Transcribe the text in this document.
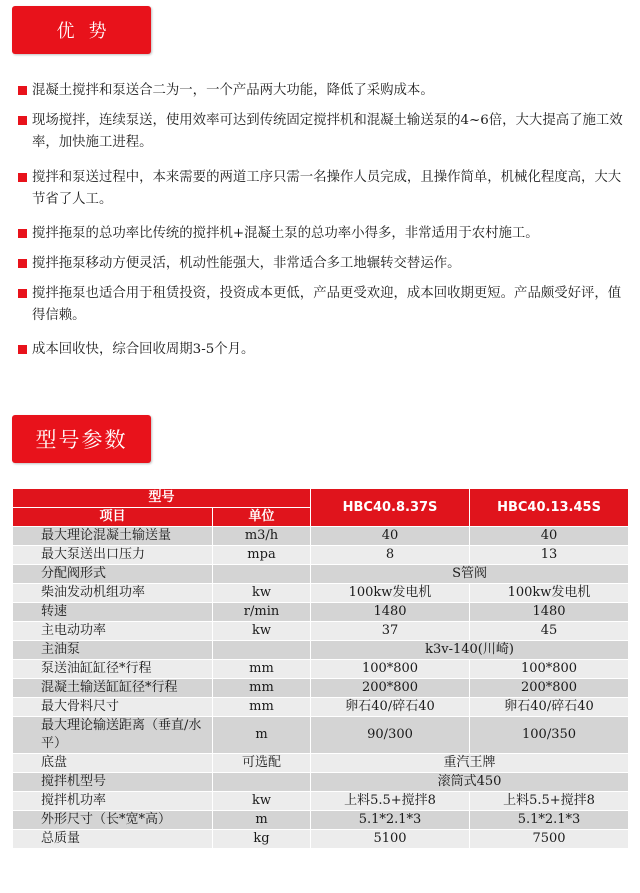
优势
混凝土搅拌和泵送合二为一，一个产品两大功能，降低了采购成本。
现场搅拌，连续泵送，使用效率可达到传统固定搅拌机和混凝土输送泵的4~6倍，大大提高了施工效率，加快施工进程。
搅拌和泵送过程中，本来需要的两道工序只需一名操作人员完成，且操作简单，机械化程度高，大大节省了人工。
搅拌拖泵的总功率比传统的搅拌机+混凝土泵的总功率小得多，非常适用于农村施工。
搅拌拖泵移动方便灵活，机动性能强大，非常适合多工地辗转交替运作。
搅拌拖泵也适合用于租赁投资，投资成本更低，产品更受欢迎，成本回收期更短。产品颇受好评，值得信赖。
成本回收快，综合回收周期3-5个月。
型号参数
型号		HBC40.8.37S	HBC40.13.45S
项目	单位		
最大理论混凝土输送量	m3/h	40	40
最大泵送出口压力	mpa	8	13
分配阀形式		S管阀	
柴油发动机组功率	kw	100kw发电机	100kw发电机
转速	r/min	1480	1480
主电动功率	kw	37	45
主油泵		k3v-140(川崎)	
泵送油缸缸径*行程	mm	100*800	100*800
混凝土输送缸缸径*行程	mm	200*800	200*800
最大骨料尺寸	mm	卵石40/碎石40	卵石40/碎石40
最大理论输送距离（垂直/水平）	m	90/300	100/350
底盘	可选配	重汽王牌	
搅拌机型号		滚筒式450	
搅拌机功率	kw	上料5.5+搅拌8	上料5.5+搅拌8
外形尺寸（长*宽*高）	m	5.1*2.1*3	5.1*2.1*3
总质量	kg	5100	7500
